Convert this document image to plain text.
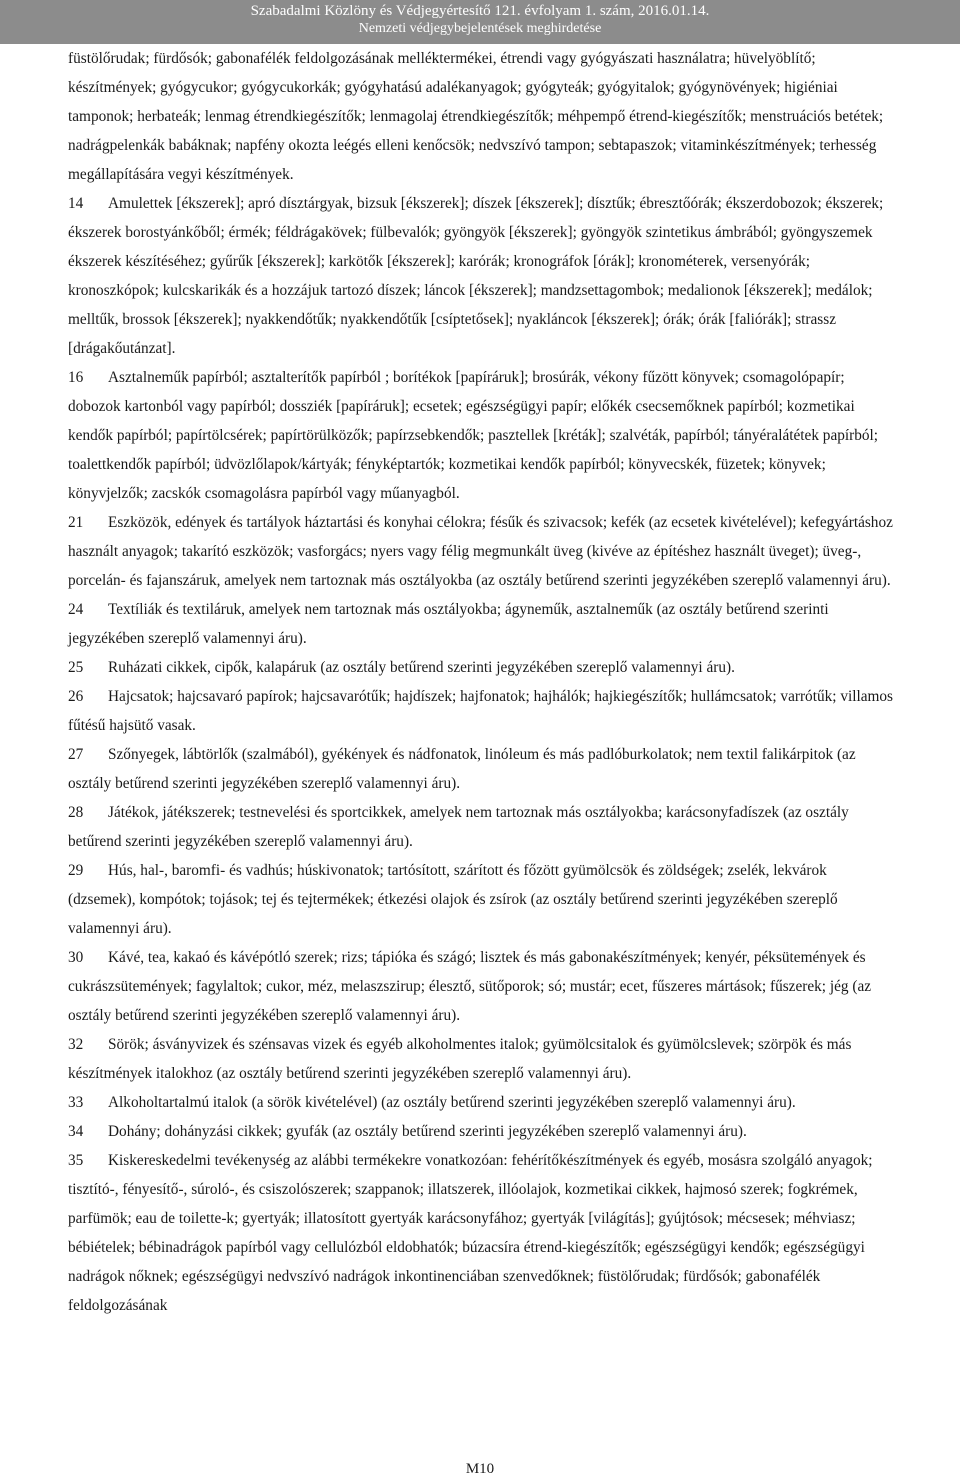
Szabadalmi Közlöny és Védjegyértesítő 121. évfolyam 1. szám, 2016.01.14.
Nemzeti védjegybejelentések meghirdetése

füstölőrudak; fürdősók; gabonafélék feldolgozásának melléktermékei, étrendi vagy gyógyászati használatra; hüvelyöblítő; készítmények; gyógycukor; gyógycukorkák; gyógyhatású adalékanyagok; gyógyteák; gyógyitalok; gyógynövények; higiéniai tamponok; herbateák; lenmag étrendkiegészítők; lenmagolaj étrendkiegészítők; méhpempő étrend-kiegészítők; menstruációs betétek; nadrágpelenkák babáknak; napfény okozta leégés elleni kenőcsök; nedvszívó tampon; sebtapaszok; vitaminkészítmények; terhesség megállapítására vegyi készítmények.

14 Amulettek [ékszerek]; apró dísztárgyak, bizsuk [ékszerek]; díszek [ékszerek]; dísztűk; ébresztőórák; ékszerdobozok; ékszerek; ékszerek borostyánkőből; érmék; féldrágakövek; fülbevalók; gyöngyök [ékszerek]; gyöngyök szintetikus ámbrából; gyöngyszemek ékszerek készítéséhez; gyűrűk [ékszerek]; karkötők [ékszerek]; karórák; kronográfok [órák]; kronométerek, versenyórák; kronoszkópok; kulcskarikák és a hozzájuk tartozó díszek; láncok [ékszerek]; mandzsettagombok; medalionok [ékszerek]; medálok; melltűk, brossok [ékszerek]; nyakkendőtűk; nyakkendőtűk [csíptetősek]; nyakláncok [ékszerek]; órák; órák [faliórák]; strassz [drágakőutánzat].

16 Asztalneműk papírból; asztalterítők papírból ; borítékok [papíráruk]; brosúrák, vékony fűzött könyvek; csomagolópapír; dobozok kartonból vagy papírból; dossziék [papíráruk]; ecsetek; egészségügyi papír; előkék csecsemőknek papírból; kozmetikai kendők papírból; papírtölcsérek; papírtörülközők; papírzsebkendők; pasztellek [kréták]; szalvéták, papírból; tányéralátétek papírból; toalettkendők papírból; üdvözlőlapok/kártyák; fényképtartók; kozmetikai kendők papírból; könyvecskék, füzetek; könyvek; könyvjelzők; zacskók csomagolásra papírból vagy műanyagból.

21 Eszközök, edények és tartályok háztartási és konyhai célokra; fésűk és szivacsok; kefék (az ecsetek kivételével); kefegyártáshoz használt anyagok; takarító eszközök; vasforgács; nyers vagy félig megmunkált üveg (kivéve az építéshez használt üveget); üveg-, porcelán- és fajanszáruk, amelyek nem tartoznak más osztályokba (az osztály betűrend szerinti jegyzékében szereplő valamennyi áru).

24 Textíliák és textiláruk, amelyek nem tartoznak más osztályokba; ágyneműk, asztalneműk (az osztály betűrend szerinti jegyzékében szereplő valamennyi áru).

25 Ruházati cikkek, cipők, kalapáruk (az osztály betűrend szerinti jegyzékében szereplő valamennyi áru).

26 Hajcsatok; hajcsavaró papírok; hajcsavarótűk; hajdíszek; hajfonatok; hajhálók; hajkiegészítők; hullámcsatok; varrótűk; villamos fűtésű hajsütő vasak.

27 Szőnyegek, lábtörlők (szalmából), gyékények és nádfonatok, linóleum és más padlóburkolatok; nem textil falikárpitok (az osztály betűrend szerinti jegyzékében szereplő valamennyi áru).

28 Játékok, játékszerek; testnevelési és sportcikkek, amelyek nem tartoznak más osztályokba; karácsonyfadíszek (az osztály betűrend szerinti jegyzékében szereplő valamennyi áru).

29 Hús, hal-, baromfi- és vadhús; húskivonatok; tartósított, szárított és főzött gyümölcsök és zöldségek; zselék, lekvárok (dzsemek), kompótok; tojások; tej és tejtermékek; étkezési olajok és zsírok (az osztály betűrend szerinti jegyzékében szereplő valamennyi áru).

30 Kávé, tea, kakaó és kávépótló szerek; rizs; tápióka és szágó; lisztek és más gabonakészítmények; kenyér, péksütemények és cukrászsütemények; fagylaltok; cukor, méz, melaszszirup; élesztő, sütőporok; só; mustár; ecet, fűszeres mártások; fűszerek; jég (az osztály betűrend szerinti jegyzékében szereplő valamennyi áru).

32 Sörök; ásványvizek és szénsavas vizek és egyéb alkoholmentes italok; gyümölcsitalok és gyümölcslevek; szörpök és más készítmények italokhoz (az osztály betűrend szerinti jegyzékében szereplő valamennyi áru).

33 Alkoholtartalmú italok (a sörök kivételével) (az osztály betűrend szerinti jegyzékében szereplő valamennyi áru).

34 Dohány; dohányzási cikkek; gyufák (az osztály betűrend szerinti jegyzékében szereplő valamennyi áru).

35 Kiskereskedelmi tevékenység az alábbi termékekre vonatkozóan: fehérítőkészítmények és egyéb, mosásra szolgáló anyagok; tisztító-, fényesítő-, súroló-, és csiszolószerek; szappanok; illatszerek, illóolajok, kozmetikai cikkek, hajmosó szerek; fogkrémek, parfümök; eau de toilette-k; gyertyák; illatosított gyertyák karácsonyfához; gyertyák [világítás]; gyújtósok; mécsesek; méhviasz; bébiételek; bébinadrágok papírból vagy cellulózból eldobhatók; búzacsíra étrend-kiegészítők; egészségügyi kendők; egészségügyi nadrágok nőknek; egészségügyi nedvszívó nadrágok inkontinenciában szenvedőknek; füstölőrudak; fürdősók; gabonafélék feldolgozásának

M10
